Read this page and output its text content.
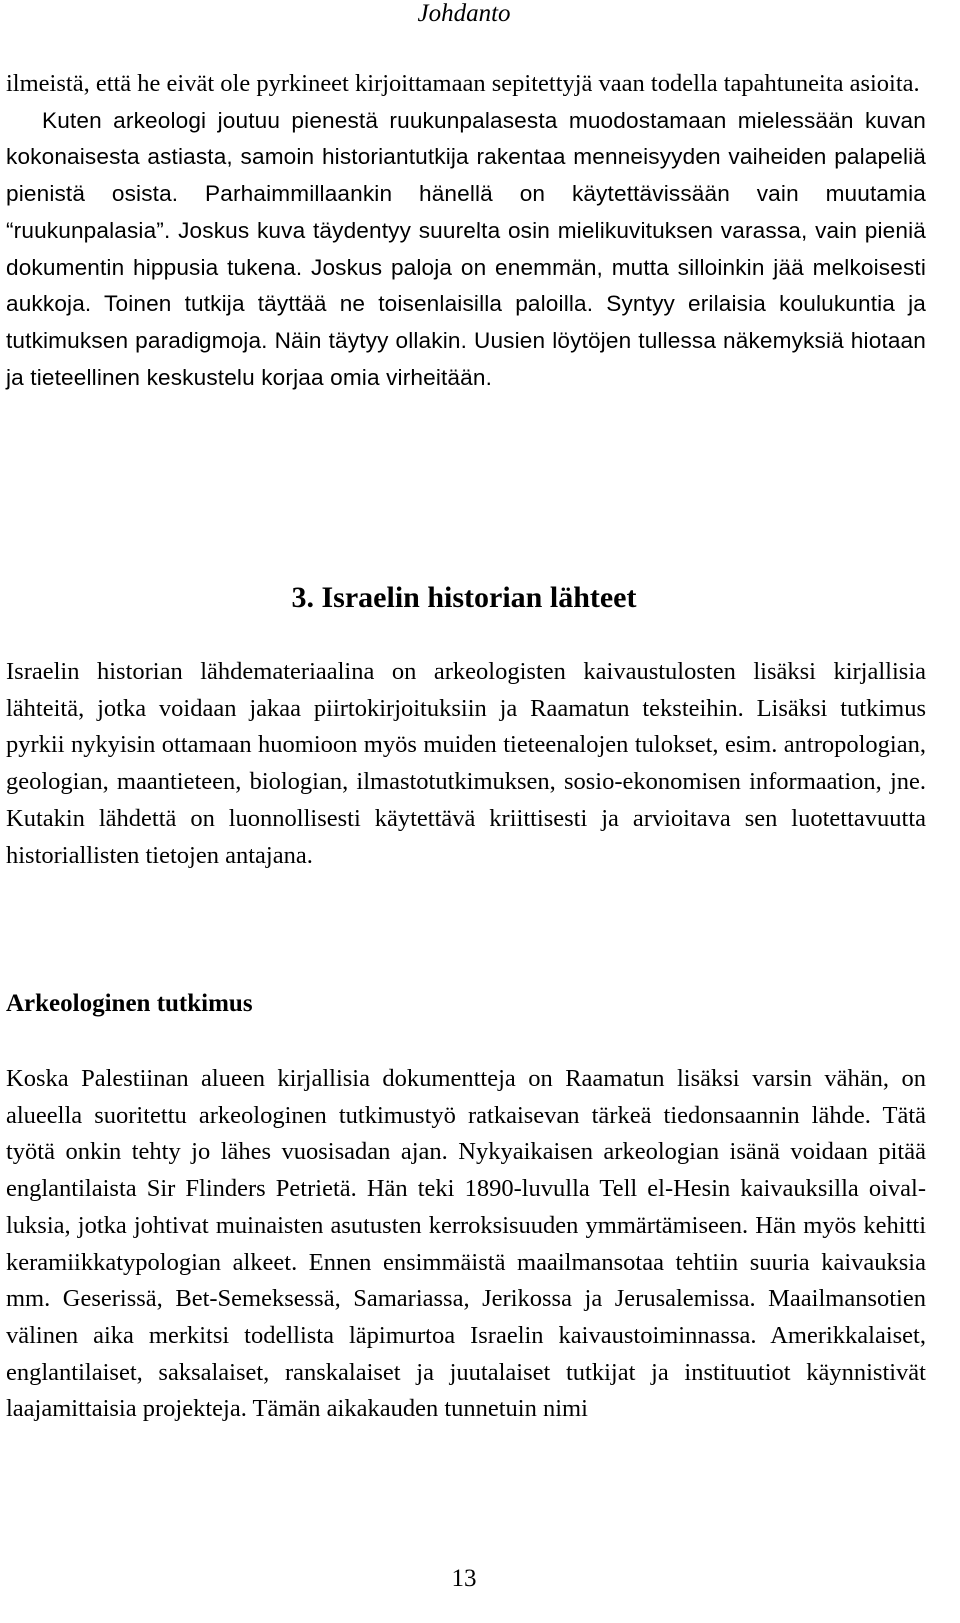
Johdanto

ilmeistä, että he eivät ole pyrkineet kirjoittamaan sepitettyjä vaan todella tapahtuneita asioita.
Kuten arkeologi joutuu pienestä ruukunpalasesta muodostamaan mielessään kuvan kokonaisesta astiasta, samoin historiantutkija rakentaa menneisyyden vaiheiden palapeliä pienistä osista. Parhaimmillaankin hänellä on käytettävissään vain muutamia “ruukunpalasia”. Joskus kuva täydentyy suurelta osin mielikuvituksen varassa, vain pieniä dokumentin hippusia tukena. Joskus paloja on enemmän, mutta silloinkin jää melkoisesti aukkoja. Toinen tutkija täyttää ne toisenlaisilla paloilla. Syntyy erilaisia koulukuntia ja tutkimuksen paradigmoja. Näin täytyy ollakin. Uusien löytöjen tullessa näkemyksiä hiotaan ja tieteellinen keskustelu korjaa omia virheitään.

3. Israelin historian lähteet

Israelin historian lähdemateriaalina on arkeologisten kaivaustulosten lisäksi kirjallisia lähteitä, jotka voidaan jakaa piirtokirjoituksiin ja Raamatun teksteihin. Lisäksi tutkimus pyrkii nykyisin ottamaan huomioon myös muiden tieteenalojen tulokset, esim. antropologian, geologian, maantieteen, biologian, ilmastotutkimuksen, sosio-ekonomisen informaation, jne. Kutakin lähdettä on luonnollisesti käytettävä kriittisesti ja arvioitava sen luotettavuutta historiallisten tietojen antajana.

Arkeologinen tutkimus

Koska Palestiinan alueen kirjallisia dokumentteja on Raamatun lisäksi varsin vähän, on alueella suoritettu arkeologinen tutkimustyö ratkaisevan tärkeä tiedonsaannin lähde. Tätä työtä onkin tehty jo lähes vuosisadan ajan. Nykyaikaisen arkeologian isänä voidaan pitää englantilaista Sir Flinders Petrietä. Hän teki 1890-luvulla Tell el-Hesin kaivauksilla oivalluksia, jotka johtivat muinaisten asutusten kerroksisuuden ymmärtämiseen. Hän myös kehitti keramiikkatypologian alkeet. Ennen ensimmäistä maailmansotaa tehtiin suuria kaivauksia mm. Geserissä, Bet-Semeksessä, Samariassa, Jerikossa ja Jerusalemissa. Maailmansotien välinen aika merkitsi todellista läpimurtoa Israelin kaivaustoiminnassa. Amerikkalaiset, englantilaiset, saksalaiset, ranskalaiset ja juutalaiset tutkijat ja instituutiot käynnistivät laajamittaisia projekteja. Tämän aikakauden tunnetuin nimi

13
